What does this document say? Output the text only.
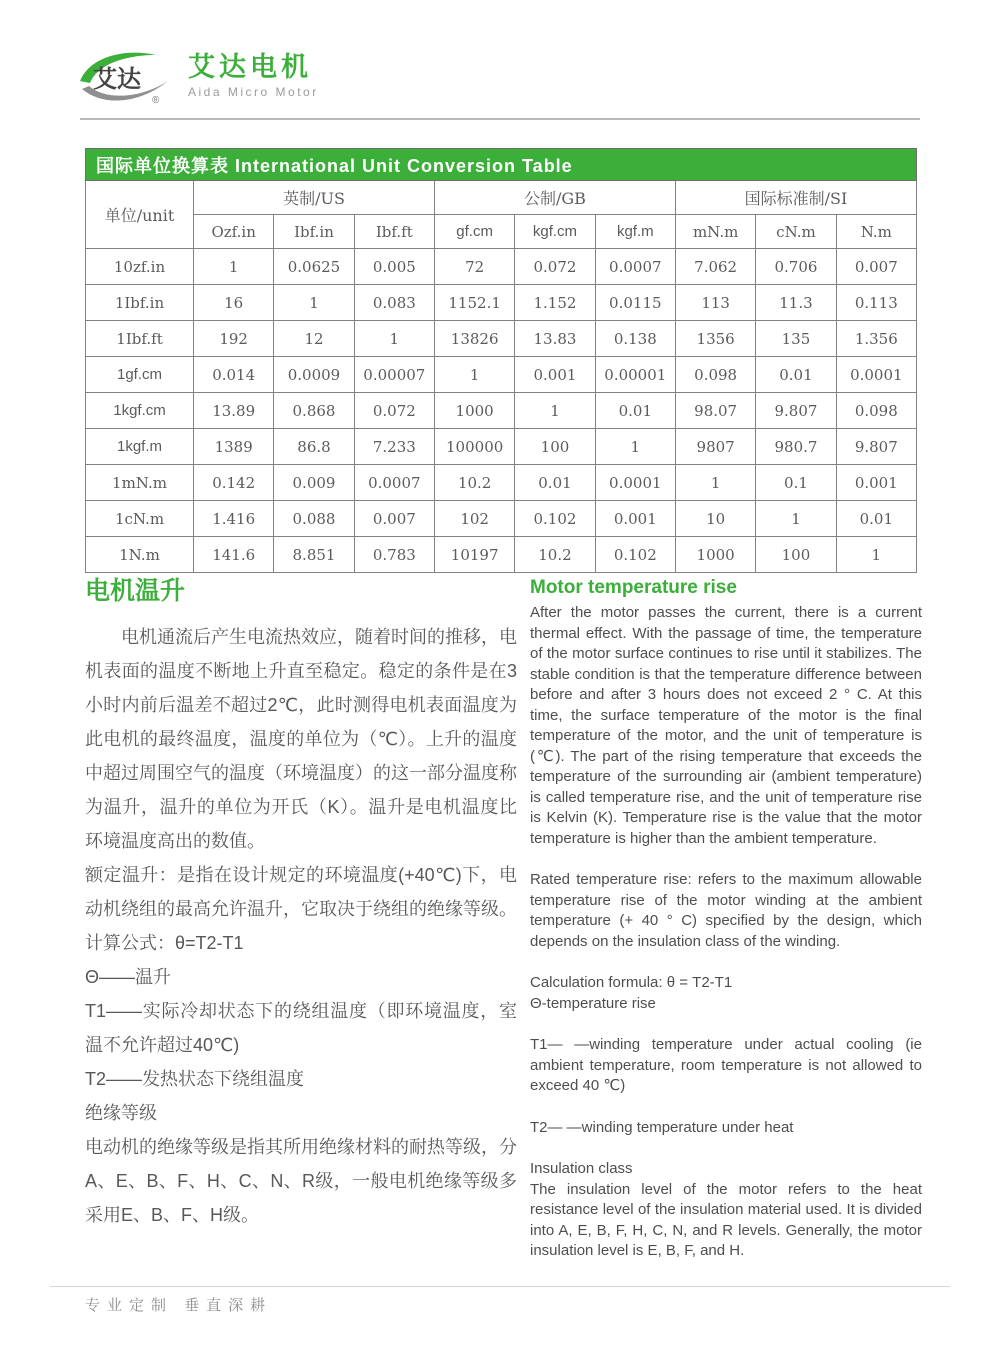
艾达
®
艾达电机
Aida Micro Motor
国际单位换算表 International Unit Conversion Table									
单位/unit	英制/US			公制/GB			国际标准制/SI		
	Ozf.in	Ibf.in	Ibf.ft	gf.cm	kgf.cm	kgf.m	mN.m	cN.m	N.m
10zf.in	1	0.0625	0.005	72	0.072	0.0007	7.062	0.706	0.007
1Ibf.in	16	1	0.083	1152.1	1.152	0.0115	113	11.3	0.113
1Ibf.ft	192	12	1	13826	13.83	0.138	1356	135	1.356
1gf.cm	0.014	0.0009	0.00007	1	0.001	0.00001	0.098	0.01	0.0001
1kgf.cm	13.89	0.868	0.072	1000	1	0.01	98.07	9.807	0.098
1kgf.m	1389	86.8	7.233	100000	100	1	9807	980.7	9.807
1mN.m	0.142	0.009	0.0007	10.2	0.01	0.0001	1	0.1	0.001
1cN.m	1.416	0.088	0.007	102	0.102	0.001	10	1	0.01
1N.m	141.6	8.851	0.783	10197	10.2	0.102	1000	100	1
电机温升

电机通流后产生电流热效应，随着时间的推移，电机表面的温度不断地上升直至稳定。稳定的条件是在3小时内前后温差不超过2℃，此时测得电机表面温度为此电机的最终温度，温度的单位为（℃）。上升的温度中超过周围空气的温度（环境温度）的这一部分温度称为温升，温升的单位为开氏（K）。温升是电机温度比环境温度高出的数值。

额定温升：是指在设计规定的环境温度(+40℃)下，电动机绕组的最高允许温升，它取决于绕组的绝缘等级。

计算公式：θ=T2-T1

Θ——温升

T1——实际冷却状态下的绕组温度（即环境温度，室温不允许超过40℃)

T2——发热状态下绕组温度

绝缘等级

电动机的绝缘等级是指其所用绝缘材料的耐热等级，分A、E、B、F、H、C、N、R级，一般电机绝缘等级多采用E、B、F、H级。

Motor temperature rise

After the motor passes the current, there is a current thermal effect. With the passage of time, the temperature of the motor surface continues to rise until it stabilizes. The stable condition is that the temperature difference between before and after 3 hours does not exceed 2 ° C. At this time, the surface temperature of the motor is the final temperature of the motor, and the unit of temperature is (℃). The part of the rising temperature that exceeds the temperature of the surrounding air (ambient temperature) is called temperature rise, and the unit of temperature rise is Kelvin (K). Temperature rise is the value that the motor temperature is higher than the ambient temperature.

Rated temperature rise: refers to the maximum allowable temperature rise of the motor winding at the ambient temperature (+ 40 ° C) specified by the design, which depends on the insulation class of the winding.

Calculation formula: θ = T2-T1

Θ-temperature rise

T1— —winding temperature under actual cooling (ie ambient temperature, room temperature is not allowed to exceed 40 ℃)

T2— —winding temperature under heat

Insulation class

The insulation level of the motor refers to the heat resistance level of the insulation material used. It is divided into A, E, B, F, H, C, N, and R levels. Generally, the motor insulation level is E, B, F, and H.

专业定制 垂直深耕
